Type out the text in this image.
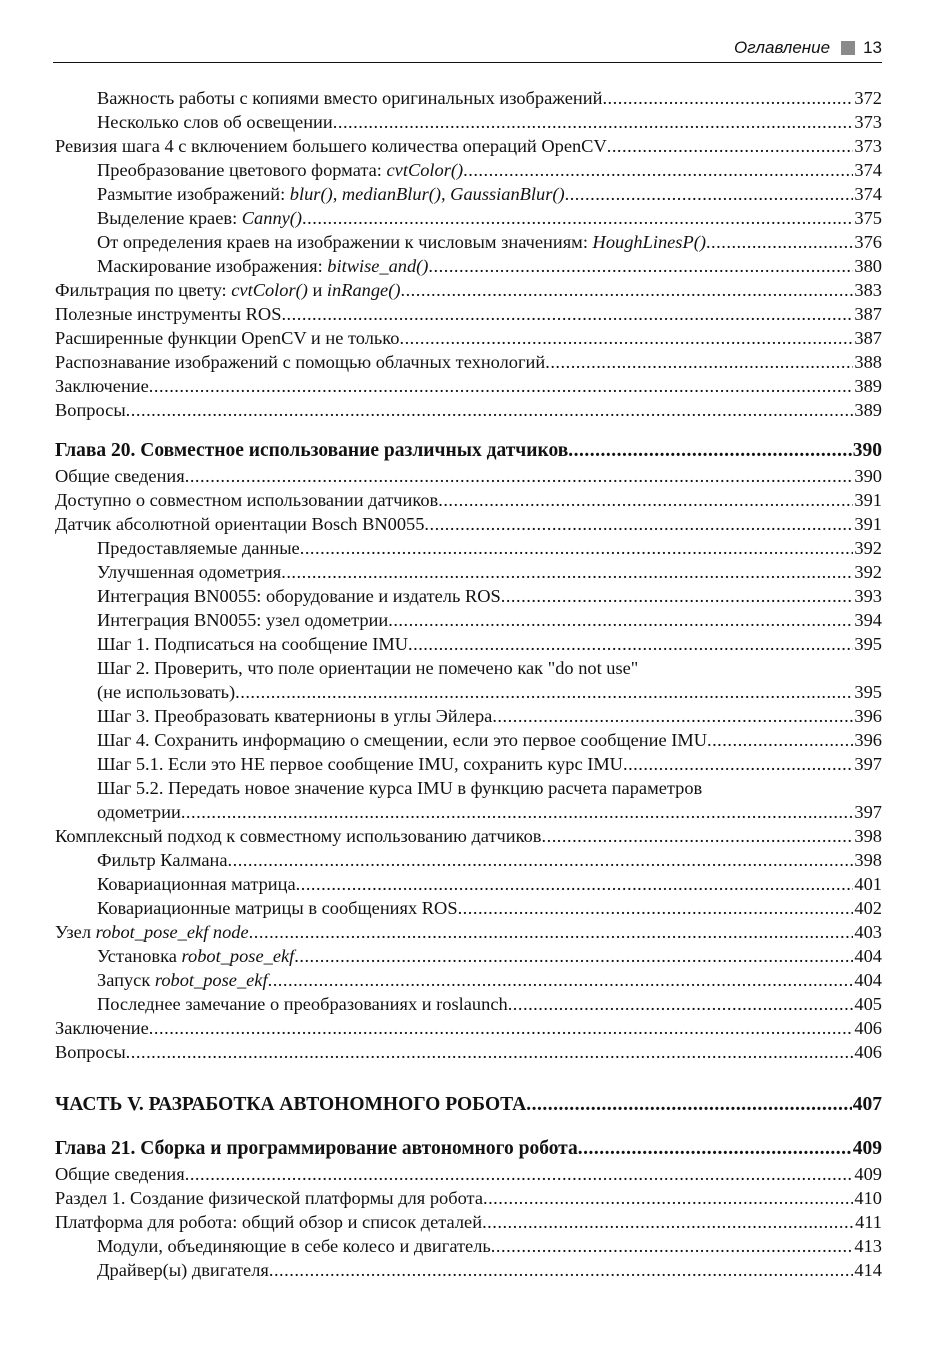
Оглавление 13
Важность работы с копиями вместо оригинальных изображений .....	372
Несколько слов об освещении .....	373
Ревизия шага 4 с включением большего количества операций OpenCV .....	373
Преобразование цветового формата: cvtColor() .....	374
Размытие изображений: blur(), medianBlur(), GaussianBlur() .....	374
Выделение краев: Canny() .....	375
От определения краев на изображении к числовым значениям: HoughLinesP() .....	376
Маскирование изображения: bitwise_and() .....	380
Фильтрация по цвету: cvtColor() и inRange() .....	383
Полезные инструменты ROS .....	387
Расширенные функции OpenCV и не только .....	387
Распознавание изображений с помощью облачных технологий .....	388
Заключение .....	389
Вопросы .....	389
Глава 20. Совместное использование различных датчиков .....	390
Общие сведения .....	390
Доступно о совместном использовании датчиков .....	391
Датчик абсолютной ориентации Bosch BN0055 .....	391
Предоставляемые данные .....	392
Улучшенная одометрия .....	392
Интеграция BN0055: оборудование и издатель ROS .....	393
Интеграция BN0055: узел одометрии .....	394
Шаг 1. Подписаться на сообщение IMU .....	395
Шаг 2. Проверить, что поле ориентации не помечено как "do not use"
(не использовать) .....	395
Шаг 3. Преобразовать кватернионы в углы Эйлера .....	396
Шаг 4. Сохранить информацию о смещении, если это первое сообщение IMU .....	396
Шаг 5.1. Если это НЕ первое сообщение IMU, сохранить курс IMU .....	397
Шаг 5.2. Передать новое значение курса IMU в функцию расчета параметров
одометрии .....	397
Комплексный подход к совместному использованию датчиков .....	398
Фильтр Калмана .....	398
Ковариационная матрица .....	401
Ковариационные матрицы в сообщениях ROS .....	402
Узел robot_pose_ekf node .....	403
Установка robot_pose_ekf .....	404
Запуск robot_pose_ekf .....	404
Последнее замечание о преобразованиях и roslaunch .....	405
Заключение .....	406
Вопросы .....	406
ЧАСТЬ V. РАЗРАБОТКА АВТОНОМНОГО РОБОТА .....	407
Глава 21. Сборка и программирование автономного робота .....	409
Общие сведения .....	409
Раздел 1. Создание физической платформы для робота .....	410
Платформа для робота: общий обзор и список деталей .....	411
Модули, объединяющие в себе колесо и двигатель .....	413
Драйвер(ы) двигателя .....	414
